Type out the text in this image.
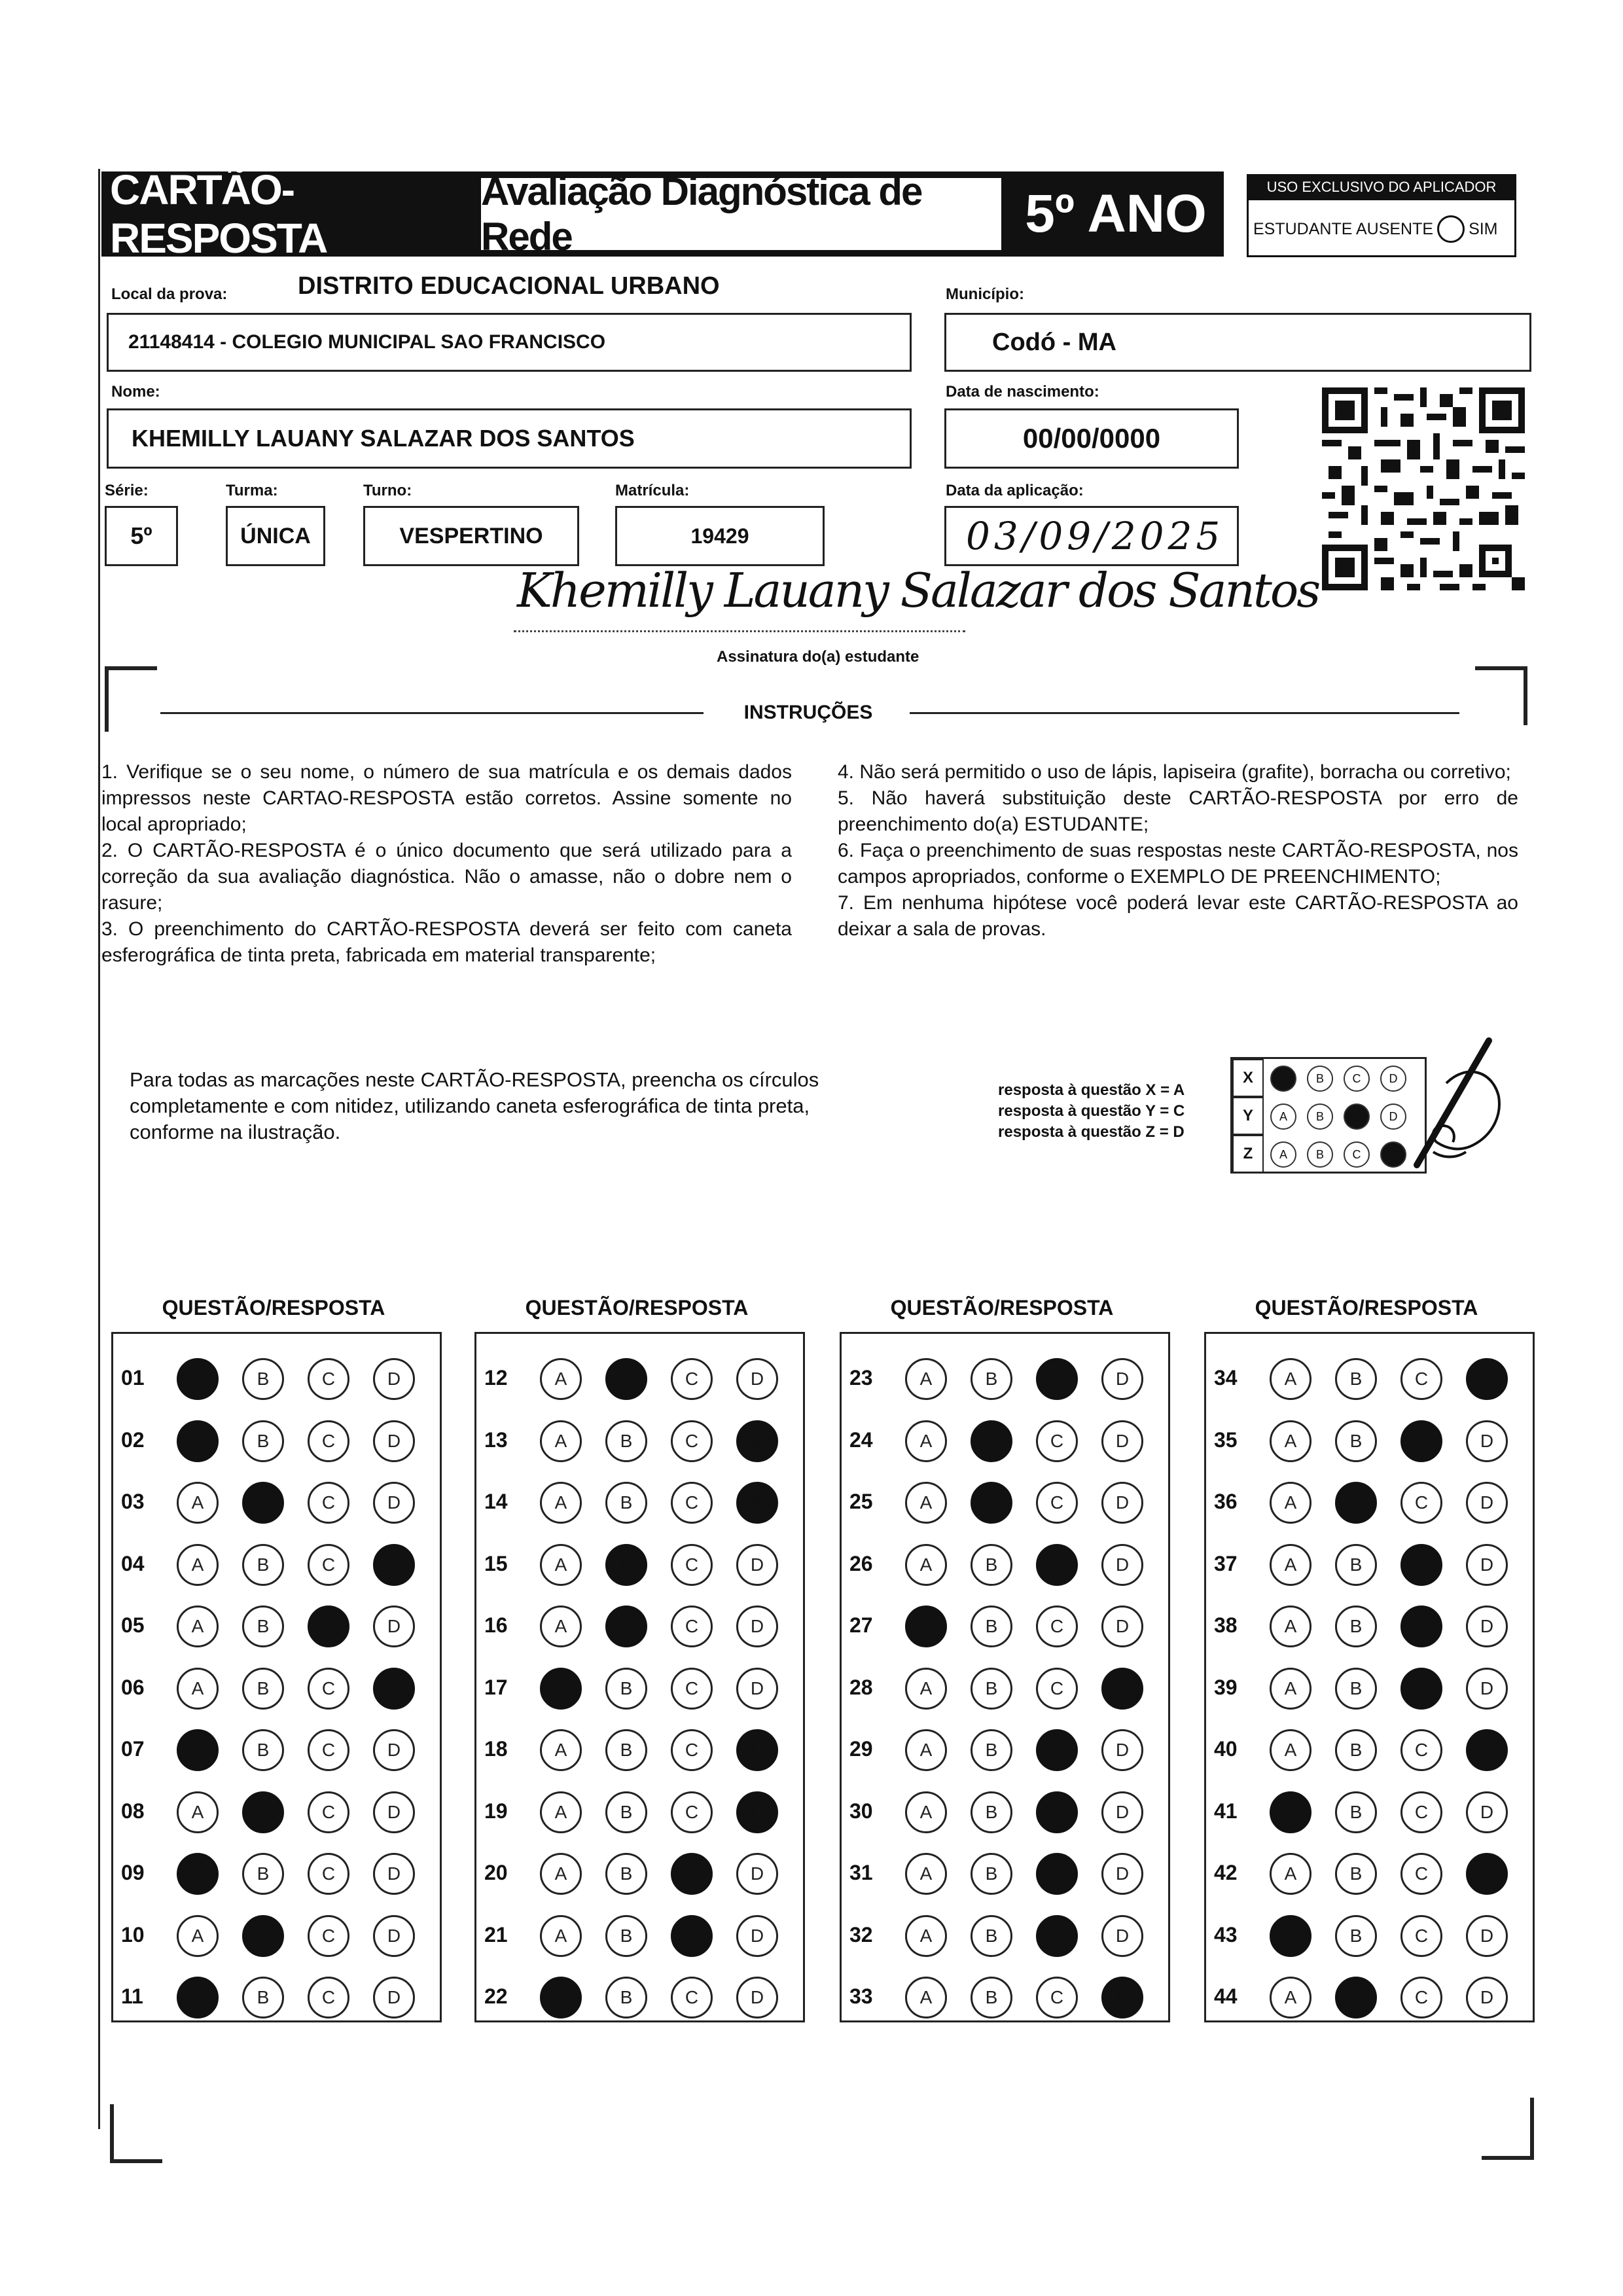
CARTÃO-RESPOSTA
Avaliação Diagnóstica de Rede	5º ANO	USO EXCLUSIVO DO APLICADOR
ESTUDANTE AUSENTE SIM
Local da prova:	DISTRITO EDUCACIONAL URBANO
21148414 - COLEGIO MUNICIPAL SAO FRANCISCO
Município:
Codó - MA
Nome:
KHEMILLY LAUANY SALAZAR DOS SANTOS
Data de nascimento:
00/00/0000
Série:
5º
Turma:
ÚNICA
Turno:
VESPERTINO
Matrícula:
19429
Data da aplicação:
03/09/2025
Khemilly Lauany Salazar dos Santos
Assinatura do(a) estudante
INSTRUÇÕES

1. Verifique se o seu nome, o número de sua matrícula e os demais dados impressos neste CARTAO-RESPOSTA estão corretos. Assine somente no local apropriado;

2. O CARTÃO-RESPOSTA é o único documento que será utilizado para a correção da sua avaliação diagnóstica. Não o amasse, não o dobre nem o rasure;

3. O preenchimento do CARTÃO-RESPOSTA deverá ser feito com caneta esferográfica de tinta preta, fabricada em material transparente;

4. Não será permitido o uso de lápis, lapiseira (grafite), borracha ou corretivo;

5. Não haverá substituição deste CARTÃO-RESPOSTA por erro de preenchimento do(a) ESTUDANTE;

6. Faça o preenchimento de suas respostas neste CARTÃO-RESPOSTA, nos campos apropriados, conforme o EXEMPLO DE PREENCHIMENTO;

7. Em nenhuma hipótese você poderá levar este CARTÃO-RESPOSTA ao deixar a sala de provas.

Para todas as marcações neste CARTÃO-RESPOSTA, preencha os círculos completamente e com nitidez, utilizando caneta esferográfica de tinta preta, conforme na ilustração.
resposta à questão X = A
resposta à questão Y = C
resposta à questão Z = D
X	A	B	C	D
Y	A	B	C	D
Z	A	B	C	D
QUESTÃO/RESPOSTA	QUESTÃO/RESPOSTA	QUESTÃO/RESPOSTA	QUESTÃO/RESPOSTA
01	A	B	C	D
02	A	B	C	D
03	A	B	C	D
04	A	B	C	D
05	A	B	C	D
06	A	B	C	D
07	A	B	C	D
08	A	B	C	D
09	A	B	C	D
10	A	B	C	D
11	A	B	C	D
12	A	B	C	D
13	A	B	C	D
14	A	B	C	D
15	A	B	C	D
16	A	B	C	D
17	A	B	C	D
18	A	B	C	D
19	A	B	C	D
20	A	B	C	D
21	A	B	C	D
22	A	B	C	D
23	A	B	C	D
24	A	B	C	D
25	A	B	C	D
26	A	B	C	D
27	A	B	C	D
28	A	B	C	D
29	A	B	C	D
30	A	B	C	D
31	A	B	C	D
32	A	B	C	D
33	A	B	C	D
34	A	B	C	D
35	A	B	C	D
36	A	B	C	D
37	A	B	C	D
38	A	B	C	D
39	A	B	C	D
40	A	B	C	D
41	A	B	C	D
42	A	B	C	D
43	A	B	C	D
44	A	B	C	D
